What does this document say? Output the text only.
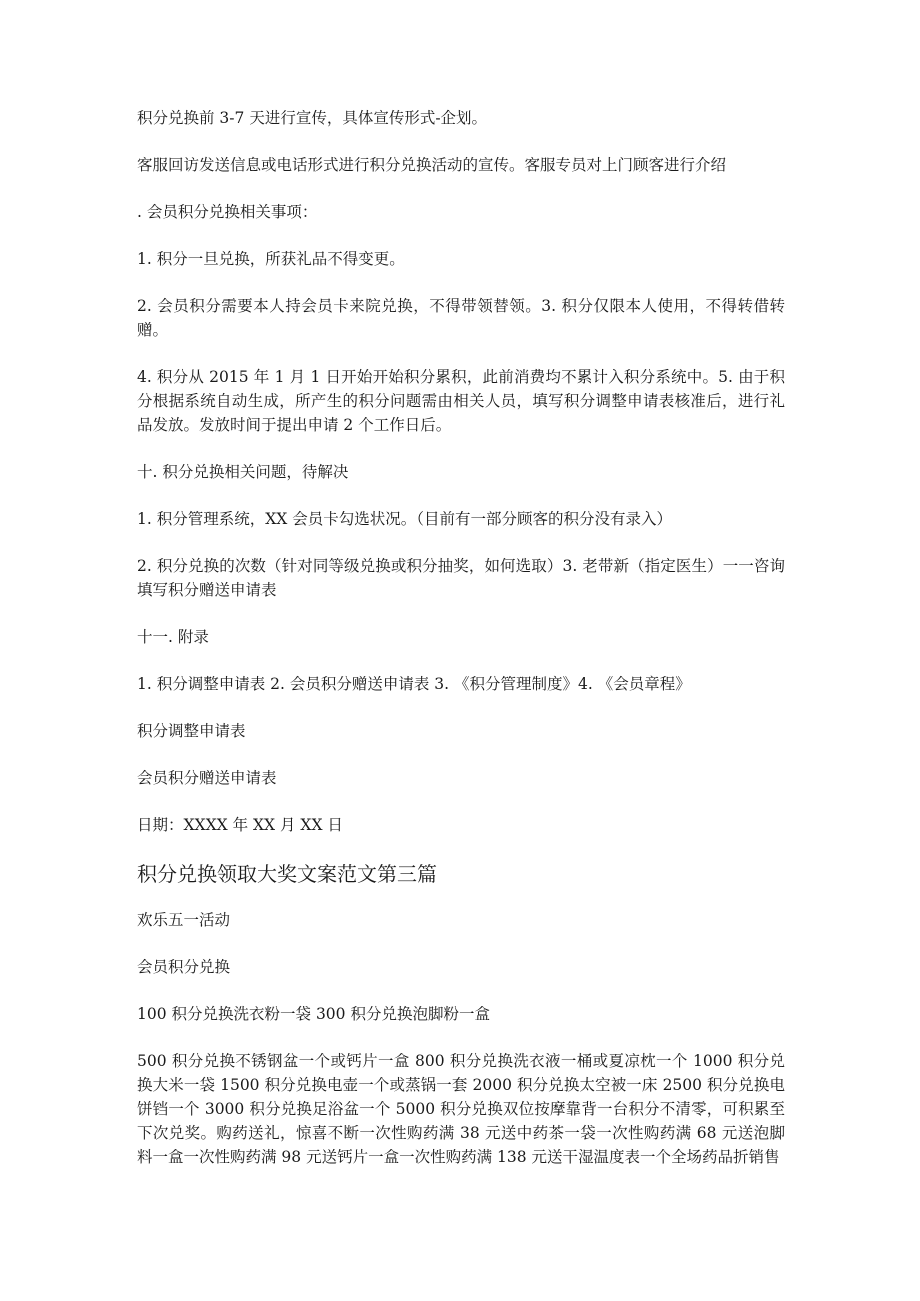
积分兑换前 3-7 天进行宣传，具体宣传形式-企划。

客服回访发送信息或电话形式进行积分兑换活动的宣传。客服专员对上门顾客进行介绍

. 会员积分兑换相关事项：

1. 积分一旦兑换，所获礼品不得变更。

2. 会员积分需要本人持会员卡来院兑换，不得带领替领。3. 积分仅限本人使用，不得转借转赠。

4. 积分从 2015 年 1 月 1 日开始开始积分累积，此前消费均不累计入积分系统中。5. 由于积分根据系统自动生成，所产生的积分问题需由相关人员，填写积分调整申请表核准后，进行礼品发放。发放时间于提出申请 2 个工作日后。

十. 积分兑换相关问题，待解决

1. 积分管理系统，XX 会员卡勾选状况。（目前有一部分顾客的积分没有录入）

2. 积分兑换的次数（针对同等级兑换或积分抽奖，如何选取）3. 老带新（指定医生）一一咨询填写积分赠送申请表

十一. 附录

1. 积分调整申请表 2. 会员积分赠送申请表 3. 《积分管理制度》4. 《会员章程》

积分调整申请表

会员积分赠送申请表

日期：XXXX 年 XX 月 XX 日

积分兑换领取大奖文案范文第三篇

欢乐五一活动

会员积分兑换

100 积分兑换洗衣粉一袋 300 积分兑换泡脚粉一盒

500 积分兑换不锈钢盆一个或钙片一盒 800 积分兑换洗衣液一桶或夏凉枕一个 1000 积分兑换大米一袋 1500 积分兑换电壶一个或蒸锅一套 2000 积分兑换太空被一床 2500 积分兑换电饼铛一个 3000 积分兑换足浴盆一个 5000 积分兑换双位按摩靠背一台积分不清零，可积累至下次兑奖。购药送礼，惊喜不断一次性购药满 38 元送中药茶一袋一次性购药满 68 元送泡脚料一盒一次性购药满 98 元送钙片一盒一次性购药满 138 元送干湿温度表一个全场药品折销售
